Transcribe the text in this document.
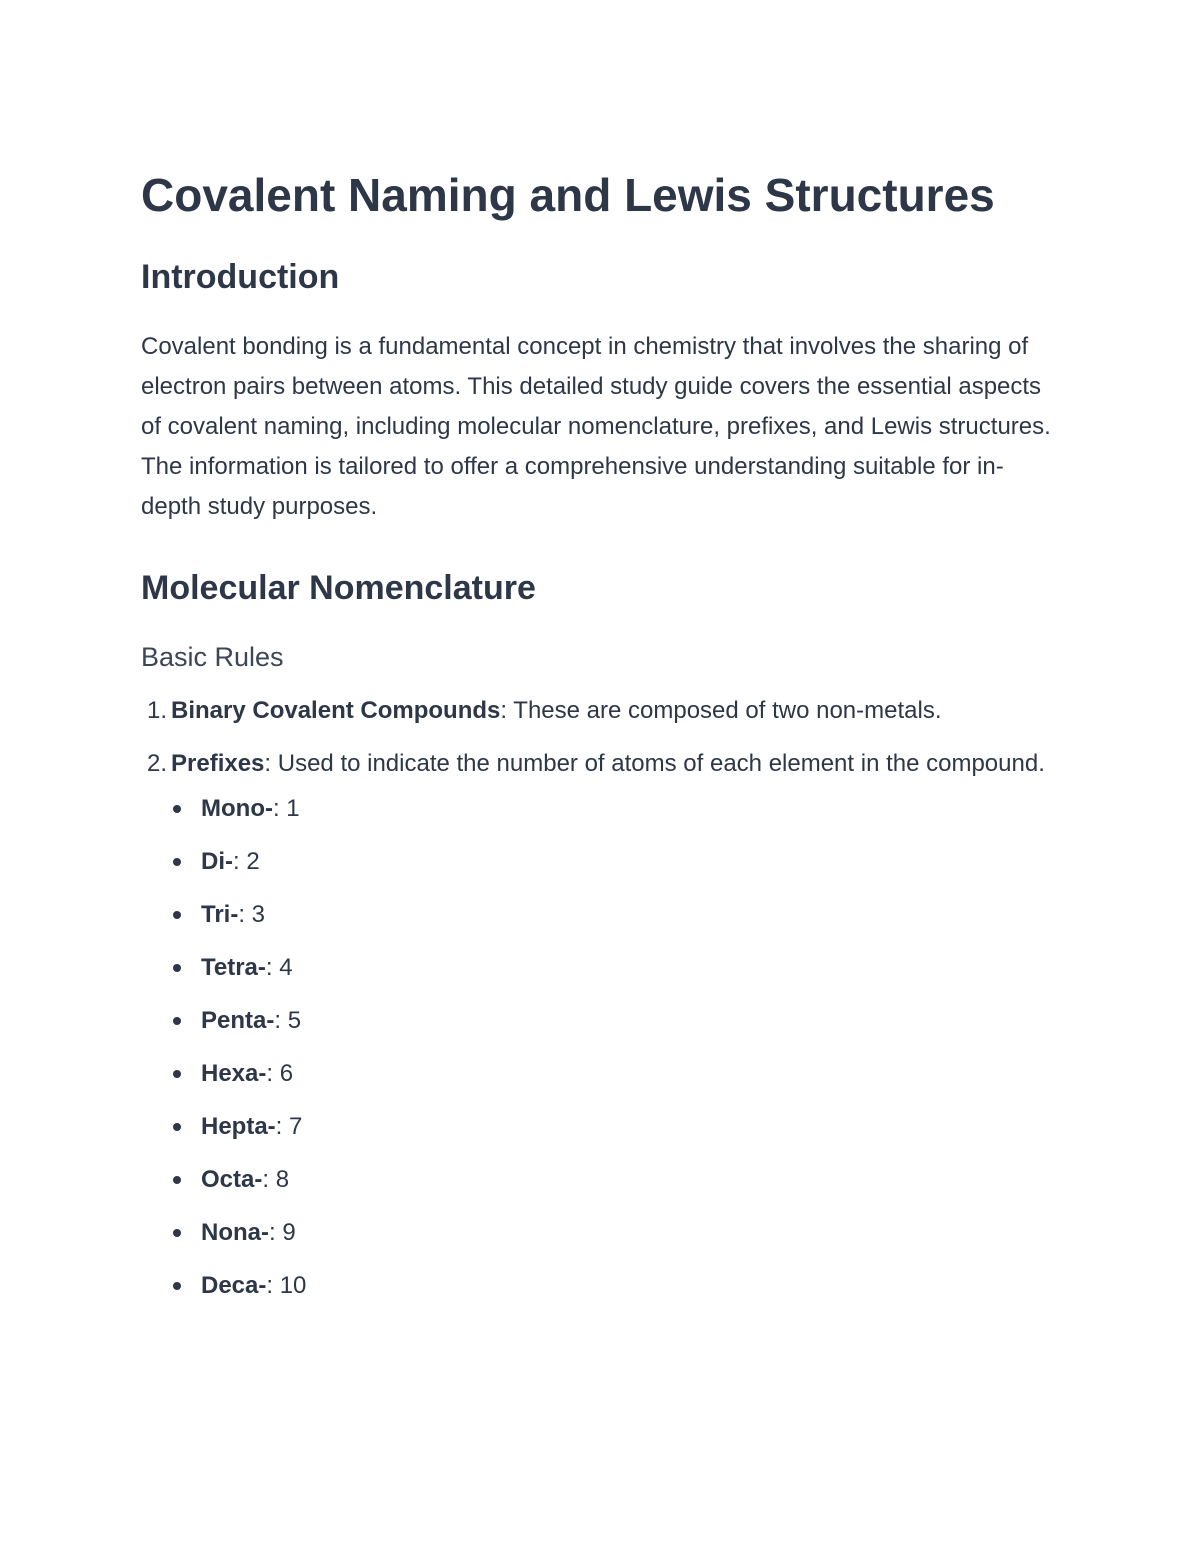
Covalent Naming and Lewis Structures
Introduction

Covalent bonding is a fundamental concept in chemistry that involves the sharing of electron pairs between atoms. This detailed study guide covers the essential aspects of covalent naming, including molecular nomenclature, prefixes, and Lewis structures. The information is tailored to offer a comprehensive understanding suitable for in-depth study purposes.

Molecular Nomenclature
Basic Rules
1. Binary Covalent Compounds: These are composed of two non-metals.
2. Prefixes: Used to indicate the number of atoms of each element in the compound.
Mono-: 1
Di-: 2
Tri-: 3
Tetra-: 4
Penta-: 5
Hexa-: 6
Hepta-: 7
Octa-: 8
Nona-: 9
Deca-: 10
